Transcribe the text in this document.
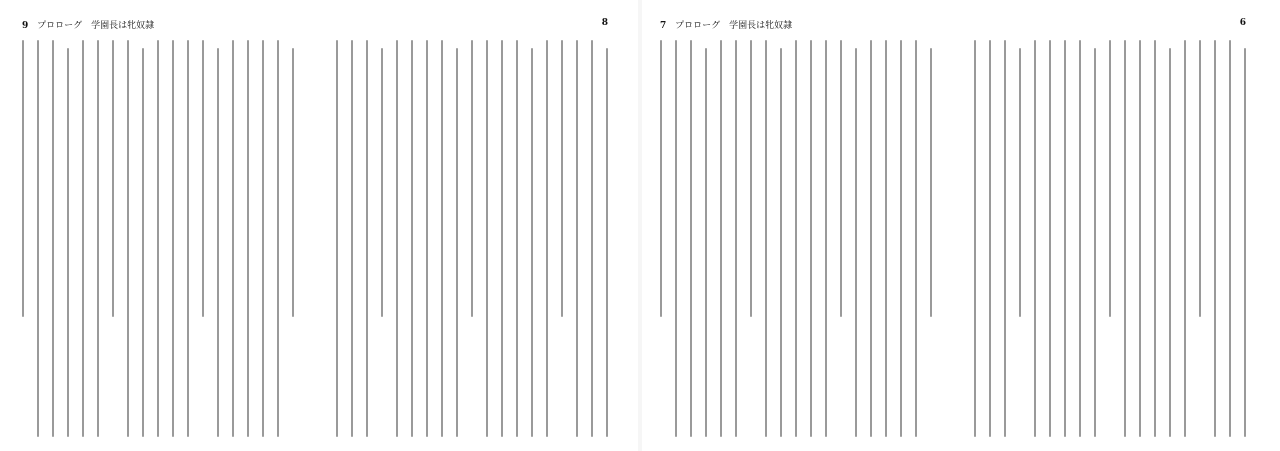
9 プロローグ　学園長は牝奴隷	8	7 プロローグ　学園長は牝奴隷	6
